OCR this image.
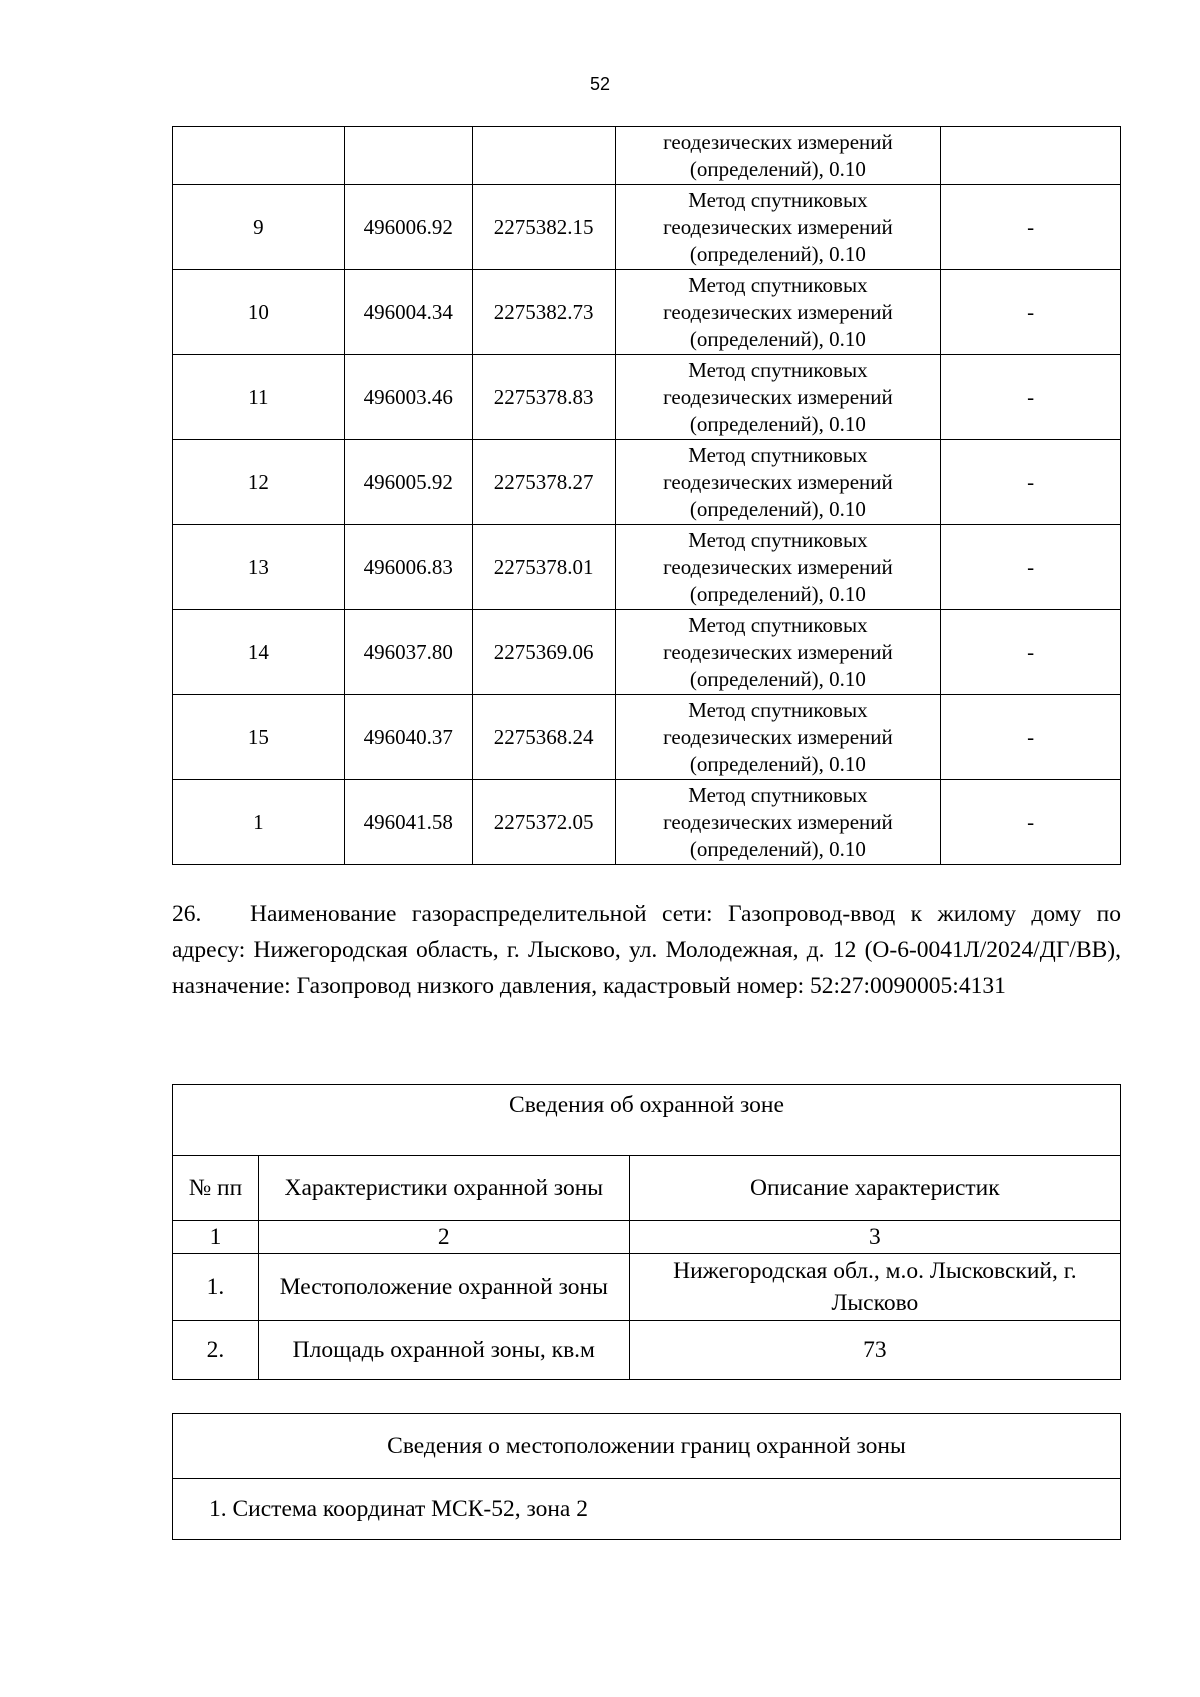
52

			геодезических измерений
(определений), 0.10	

9	496006.92	2275382.15	Метод спутниковых
геодезических измерений
(определений), 0.10	-
10	496004.34	2275382.73	Метод спутниковых
геодезических измерений
(определений), 0.10	-
11	496003.46	2275378.83	Метод спутниковых
геодезических измерений
(определений), 0.10	-
12	496005.92	2275378.27	Метод спутниковых
геодезических измерений
(определений), 0.10	-
13	496006.83	2275378.01	Метод спутниковых
геодезических измерений
(определений), 0.10	-
14	496037.80	2275369.06	Метод спутниковых
геодезических измерений
(определений), 0.10	-
15	496040.37	2275368.24	Метод спутниковых
геодезических измерений
(определений), 0.10	-
1	496041.58	2275372.05	Метод спутниковых
геодезических измерений
(определений), 0.10	-
26. Наименование газораспределительной сети: Газопровод-ввод к жилому дому по адресу: Нижегородская область, г. Лысково, ул. Молодежная, д. 12 (О-6-0041Л/2024/ДГ/ВВ), назначение: Газопровод низкого давления, кадастровый номер: 52:27:0090005:4131
Сведения об охранной зоне		
№ пп	Характеристики охранной зоны	Описание характеристик
1	2	3
1.	Местоположение охранной зоны	Нижегородская обл., м.о. Лысковский, г. Лысково
2.	Площадь охранной зоны, кв.м	73
Сведения о местоположении границ охранной зоны
1. Система координат МСК-52, зона 2
